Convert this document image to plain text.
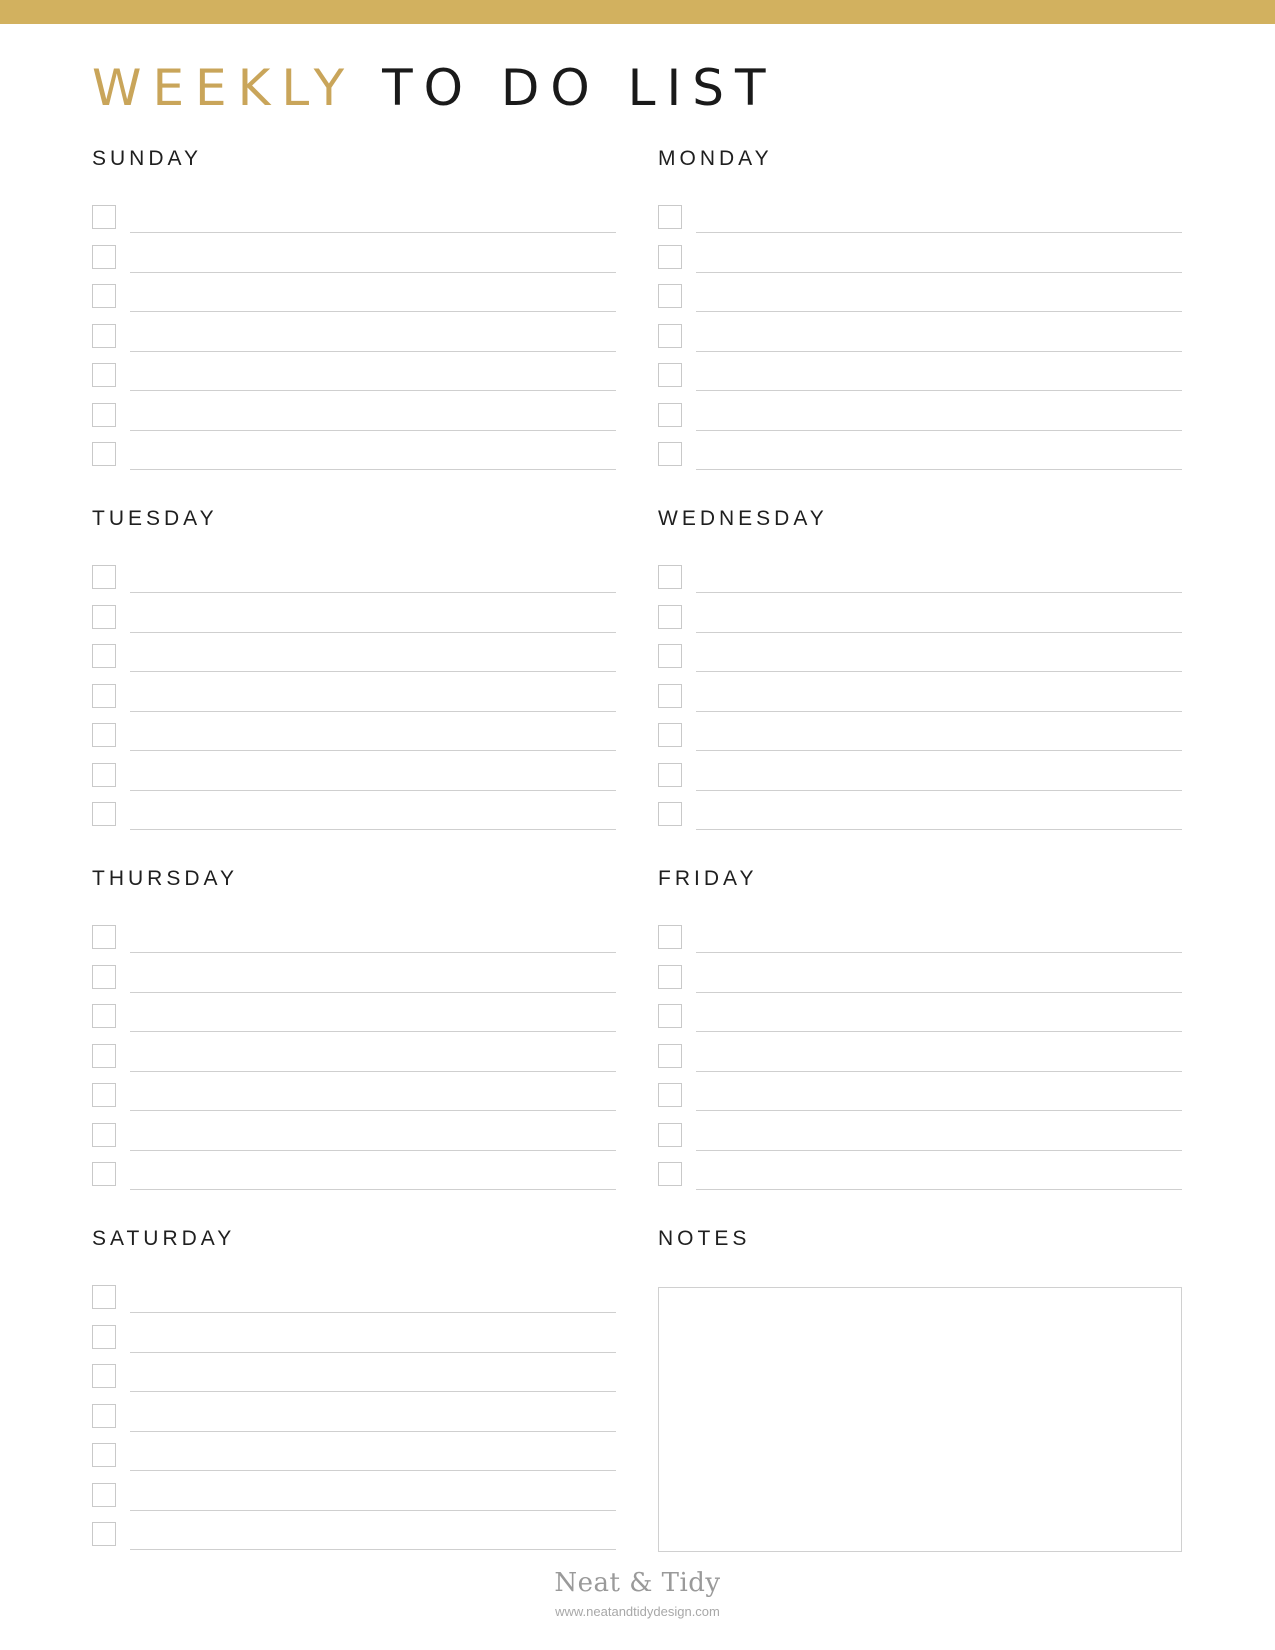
WEEKLY TO DO LIST
SUNDAY	MONDAY
TUESDAY	WEDNESDAY
THURSDAY	FRIDAY
SATURDAY	NOTES
Neat & Tidy
www.neatandtidydesign.com
